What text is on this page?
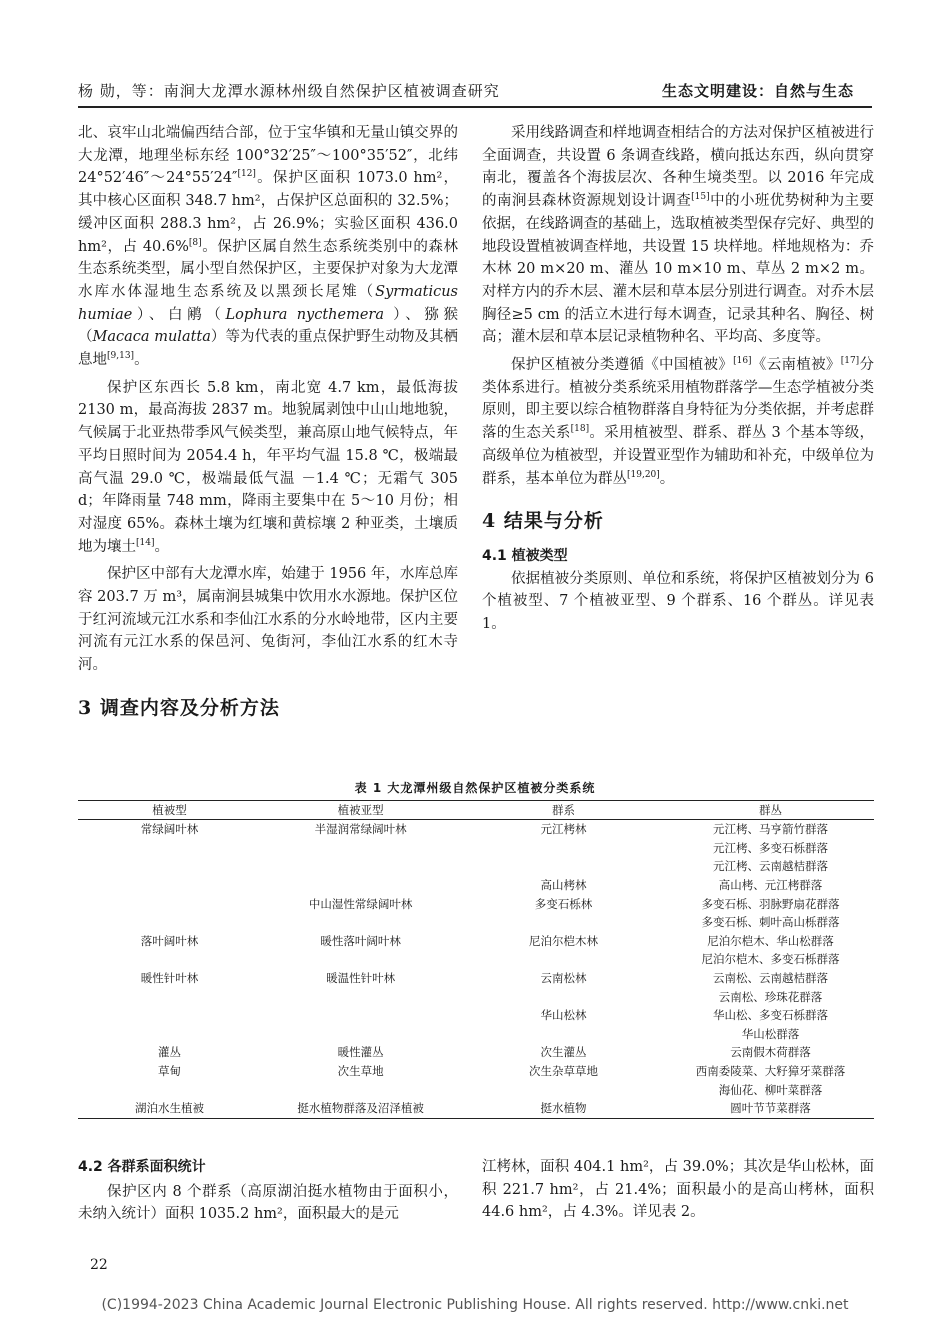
杨 勋，等：南涧大龙潭水源林州级自然保护区植被调查研究	生态文明建设：自然与生态

北、哀牢山北端偏西结合部，位于宝华镇和无量山镇交界的大龙潭，地理坐标东经 100°32′25″～100°35′52″，北纬 24°52′46″～24°55′24″[12]。保护区面积 1073.0 hm²，其中核心区面积 348.7 hm²，占保护区总面积的 32.5%；缓冲区面积 288.3 hm²，占 26.9%；实验区面积 436.0 hm²，占 40.6%[8]。保护区属自然生态系统类别中的森林生态系统类型，属小型自然保护区，主要保护对象为大龙潭水库水体湿地生态系统及以黑颈长尾雉（Syrmaticus humiae）、白鹇（Lophura nycthemera ）、猕猴（Macaca mulatta）等为代表的重点保护野生动物及其栖息地[9,13]。

保护区东西长 5.8 km，南北宽 4.7 km，最低海拔 2130 m，最高海拔 2837 m。地貌属剥蚀中山山地地貌，气候属于北亚热带季风气候类型，兼高原山地气候特点，年平均日照时间为 2054.4 h，年平均气温 15.8 ℃，极端最高气温 29.0 ℃，极端最低气温 －1.4 ℃；无霜气 305 d；年降雨量 748 mm，降雨主要集中在 5～10 月份；相对湿度 65%。森林土壤为红壤和黄棕壤 2 种亚类，土壤质地为壤土[14]。

保护区中部有大龙潭水库，始建于 1956 年，水库总库容 203.7 万 m³，属南涧县城集中饮用水水源地。保护区位于红河流域元江水系和李仙江水系的分水岭地带，区内主要河流有元江水系的保邑河、兔街河，李仙江水系的红木寺河。

3 调查内容及分析方法

采用线路调查和样地调查相结合的方法对保护区植被进行全面调查，共设置 6 条调查线路，横向抵达东西，纵向贯穿南北，覆盖各个海拔层次、各种生境类型。以 2016 年完成的南涧县森林资源规划设计调查[15]中的小班优势树种为主要依据，在线路调查的基础上，选取植被类型保存完好、典型的地段设置植被调查样地，共设置 15 块样地。样地规格为：乔木林 20 m×20 m、灌丛 10 m×10 m、草丛 2 m×2 m。对样方内的乔木层、灌木层和草本层分别进行调查。对乔木层胸径≥5 cm 的活立木进行每木调查，记录其种名、胸径、树高；灌木层和草本层记录植物种名、平均高、多度等。

保护区植被分类遵循《中国植被》[16]《云南植被》[17]分类体系进行。植被分类系统采用植物群落学—生态学植被分类原则，即主要以综合植物群落自身特征为分类依据，并考虑群落的生态关系[18]。采用植被型、群系、群丛 3 个基本等级，高级单位为植被型，并设置亚型作为辅助和补充，中级单位为群系，基本单位为群丛[19,20]。

4 结果与分析

4.1 植被类型

依据植被分类原则、单位和系统，将保护区植被划分为 6 个植被型、7 个植被亚型、9 个群系、16 个群丛。详见表 1。

表 1 大龙潭州级自然保护区植被分类系统
植被型	植被亚型	群系	群丛
常绿阔叶林	半湿润常绿阔叶林	元江栲林	元江栲、马亨箭竹群落
			元江栲、多变石栎群落
			元江栲、云南越桔群落
		高山栲林	高山栲、元江栲群落
	中山湿性常绿阔叶林	多变石栎林	多变石栎、羽脉野扇花群落
			多变石栎、刺叶高山栎群落
落叶阔叶林	暖性落叶阔叶林	尼泊尔桤木林	尼泊尔桤木、华山松群落
			尼泊尔桤木、多变石栎群落
暖性针叶林	暖温性针叶林	云南松林	云南松、云南越桔群落
			云南松、珍珠花群落
		华山松林	华山松、多变石栎群落
			华山松群落
灌丛	暖性灌丛	次生灌丛	云南假木荷群落
草甸	次生草地	次生杂草草地	西南委陵菜、大籽獐牙菜群落
			海仙花、柳叶菜群落
湖泊水生植被	挺水植物群落及沼泽植被	挺水植物	圆叶节节菜群落

4.2 各群系面积统计

保护区内 8 个群系（高原湖泊挺水植物由于面积小，未纳入统计）面积 1035.2 hm²，面积最大的是元

江栲林，面积 404.1 hm²，占 39.0%；其次是华山松林，面积 221.7 hm²，占 21.4%；面积最小的是高山栲林，面积 44.6 hm²，占 4.3%。详见表 2。

22
(C)1994-2023 China Academic Journal Electronic Publishing House. All rights reserved. http://www.cnki.net
